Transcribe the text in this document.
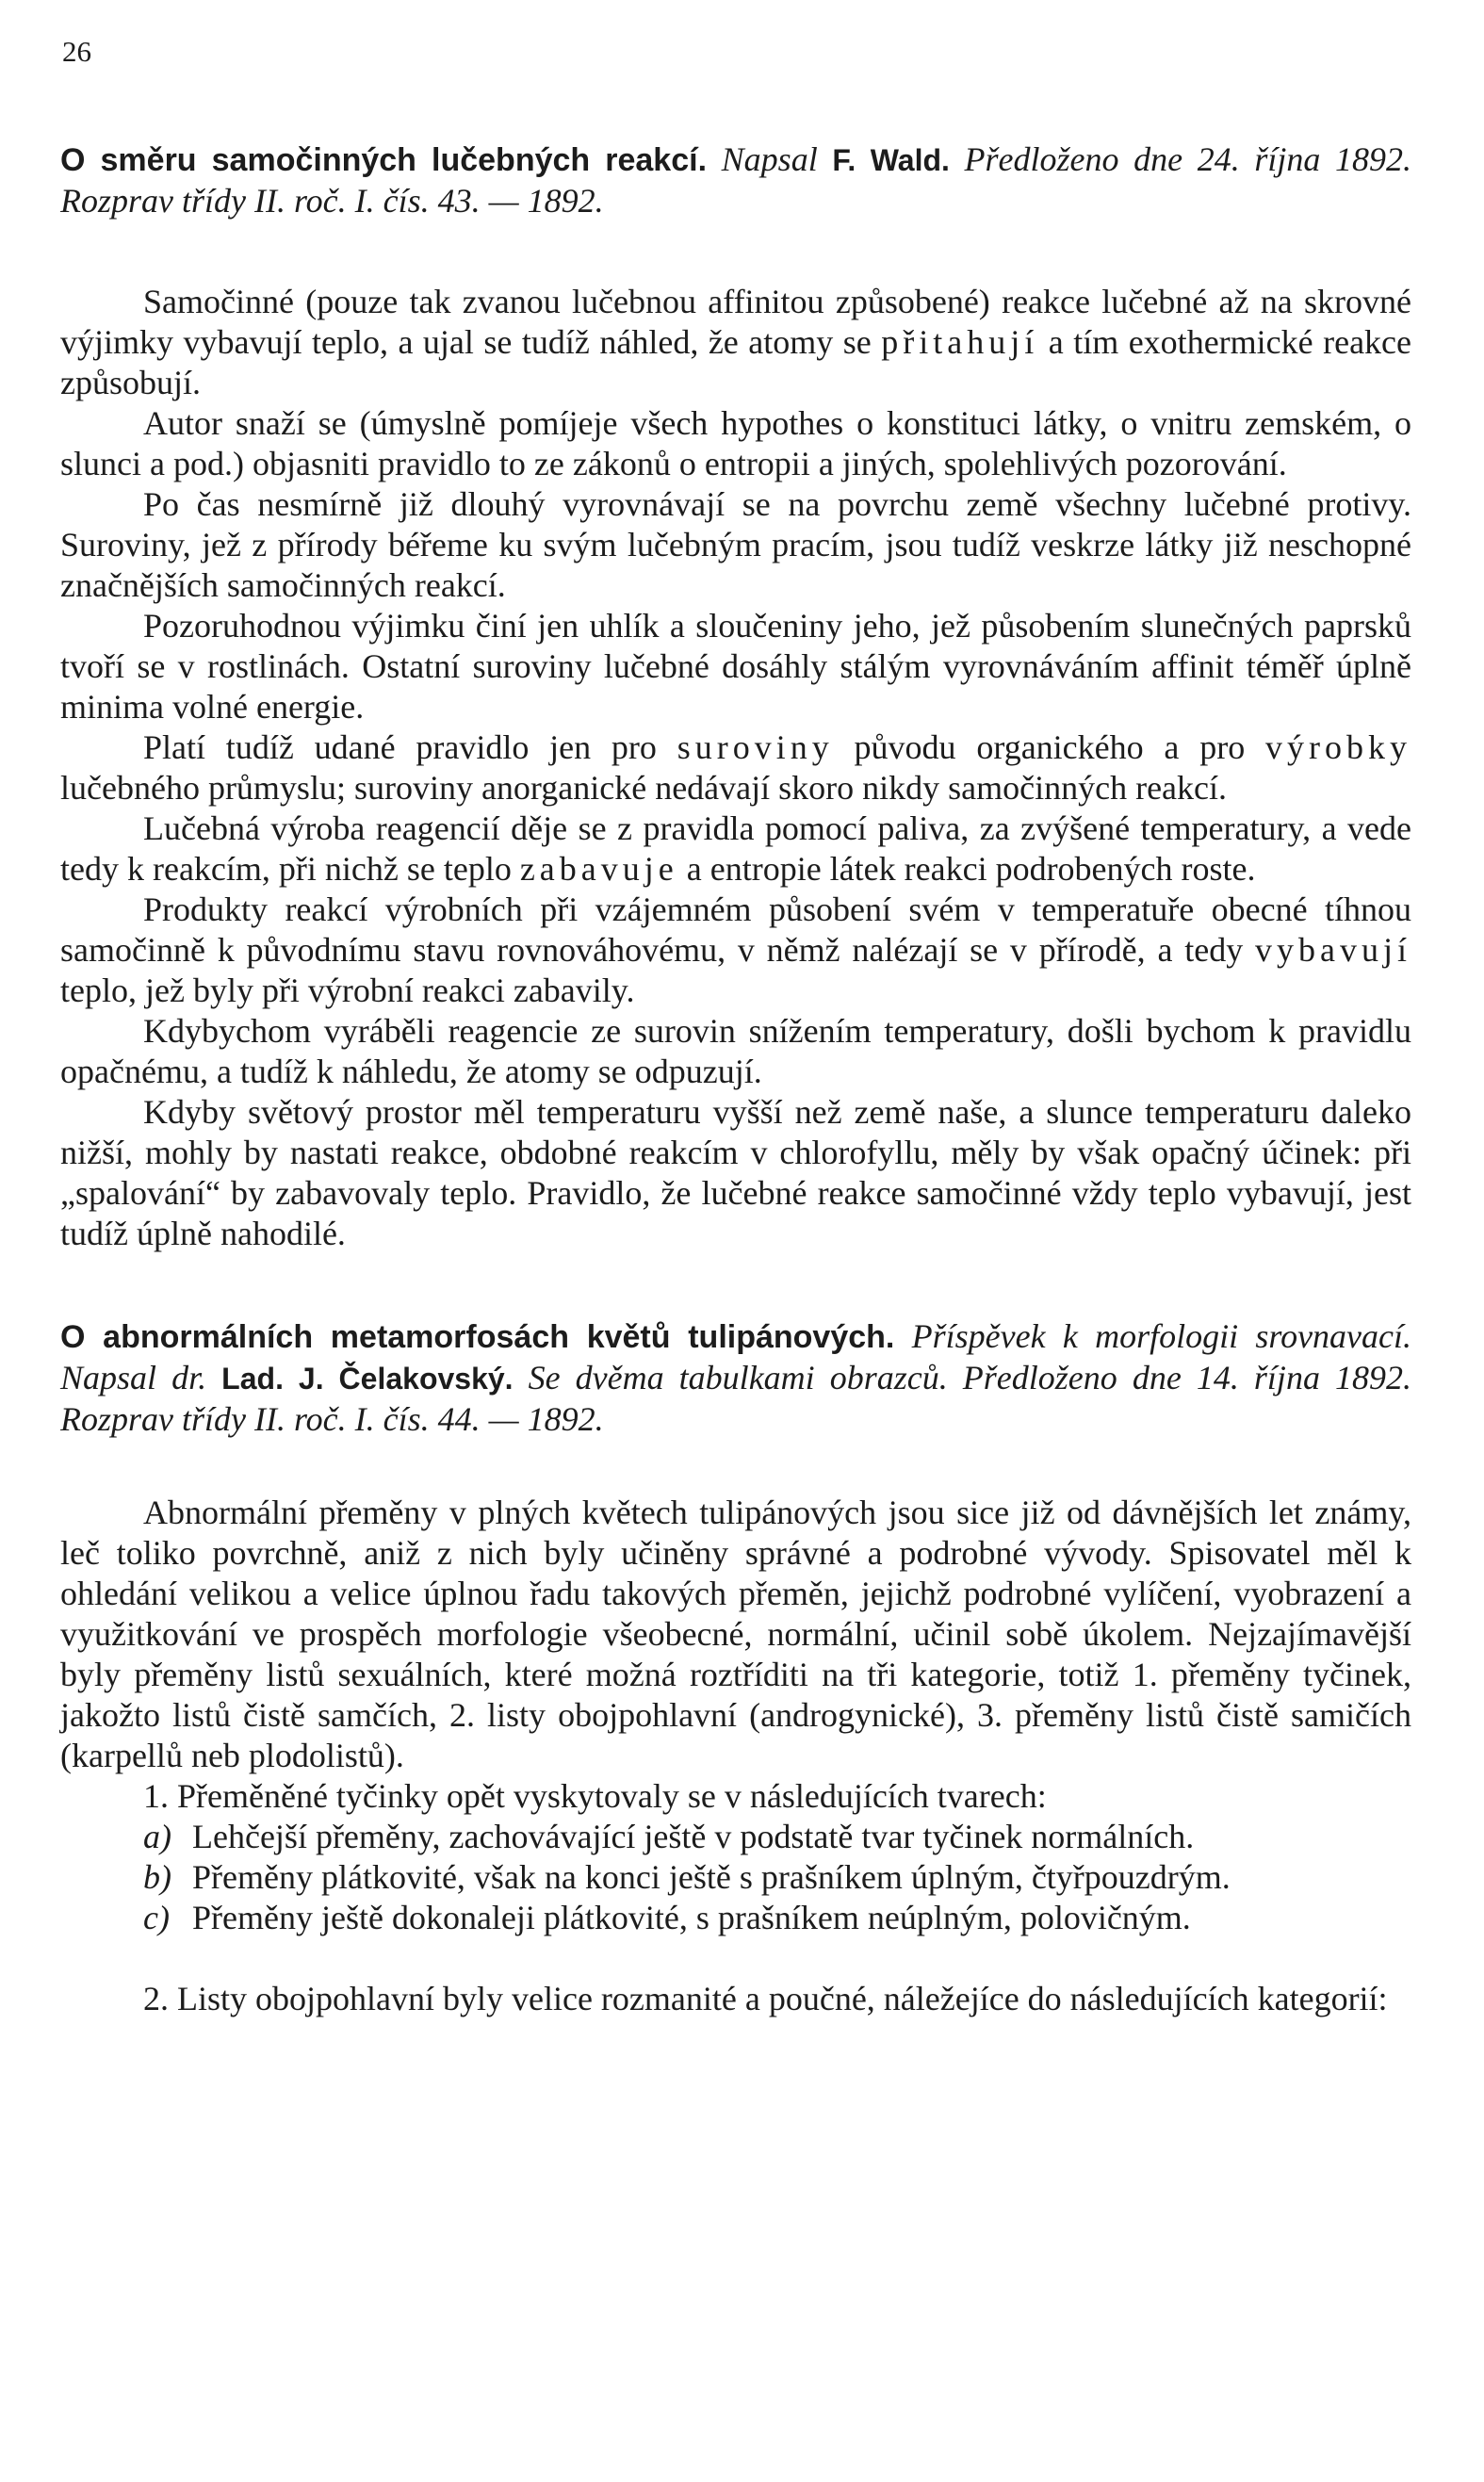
26

O směru samočinných lučebných reakcí. Napsal F. Wald. Předloženo dne 24. října 1892. Rozprav třídy II. roč. I. čís. 43. — 1892.

Samočinné (pouze tak zvanou lučebnou affinitou způsobené) reakce lučebné až na skrovné výjimky vybavují teplo, a ujal se tudíž náhled, že atomy se přitahují a tím exothermické reakce způsobují.

Autor snaží se (úmyslně pomíjeje všech hypothes o konstituci látky, o vnitru zemském, o slunci a pod.) objasniti pravidlo to ze zákonů o entropii a jiných, spolehlivých pozorování.

Po čas nesmírně již dlouhý vyrovnávají se na povrchu země všechny lučebné protivy. Suroviny, jež z přírody béřeme ku svým lučebným pracím, jsou tudíž veskrze látky již neschopné značnějších samočinných reakcí.

Pozoruhodnou výjimku činí jen uhlík a sloučeniny jeho, jež působením slunečných paprsků tvoří se v rostlinách. Ostatní suroviny lučebné dosáhly stálým vyrovnáváním affinit téměř úplně minima volné energie.

Platí tudíž udané pravidlo jen pro suroviny původu organického a pro výrobky lučebného průmyslu; suroviny anorganické nedávají skoro nikdy samočinných reakcí.

Lučebná výroba reagencií děje se z pravidla pomocí paliva, za zvýšené temperatury, a vede tedy k reakcím, při nichž se teplo zabavuje a entropie látek reakci podrobených roste.

Produkty reakcí výrobních při vzájemném působení svém v temperatuře obecné tíhnou samočinně k původnímu stavu rovnováhovému, v němž nalézají se v přírodě, a tedy vybavují teplo, jež byly při výrobní reakci zabavily.

Kdybychom vyráběli reagencie ze surovin snížením temperatury, došli bychom k pravidlu opačnému, a tudíž k náhledu, že atomy se odpuzují.

Kdyby světový prostor měl temperaturu vyšší než země naše, a slunce temperaturu daleko nižší, mohly by nastati reakce, obdobné reakcím v chlorofyllu, měly by však opačný účinek: při „spalování“ by zabavovaly teplo. Pravidlo, že lučebné reakce samočinné vždy teplo vybavují, jest tudíž úplně nahodilé.

O abnormálních metamorfosách květů tulipánových. Příspěvek k morfologii srovnavací. Napsal dr. Lad. J. Čelakovský. Se dvěma tabulkami obrazců. Předloženo dne 14. října 1892. Rozprav třídy II. roč. I. čís. 44. — 1892.

Abnormální přeměny v plných květech tulipánových jsou sice již od dávnějších let známy, leč toliko povrchně, aniž z nich byly učiněny správné a podrobné vývody. Spisovatel měl k ohledání velikou a velice úplnou řadu takových přeměn, jejichž podrobné vylíčení, vyobrazení a využitkování ve prospěch morfologie všeobecné, normální, učinil sobě úkolem. Nejzajímavější byly přeměny listů sexuálních, které možná roztříditi na tři kategorie, totiž 1. přeměny tyčinek, jakožto listů čistě samčích, 2. listy obojpohlavní (androgynické), 3. přeměny listů čistě samičích (karpellů neb plodolistů).

1. Přeměněné tyčinky opět vyskytovaly se v následujících tvarech:

a) Lehčejší přeměny, zachovávající ještě v podstatě tvar tyčinek normálních.

b) Přeměny plátkovité, však na konci ještě s prašníkem úplným, čtyřpouzdrým.

c) Přeměny ještě dokonaleji plátkovité, s prašníkem neúplným, polovičným.

2. Listy obojpohlavní byly velice rozmanité a poučné, náležejíce do následujících kategorií:
